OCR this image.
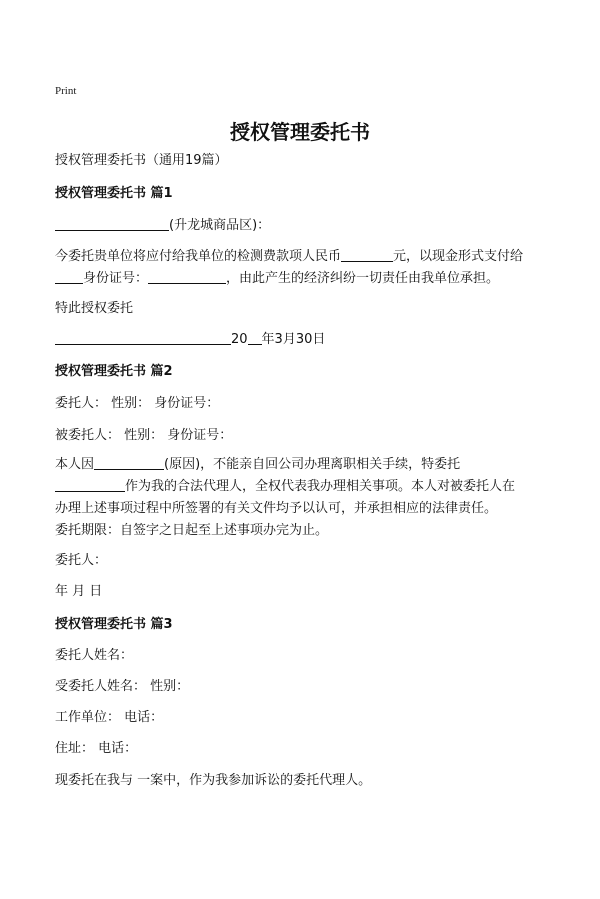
Print
授权管理委托书
授权管理委托书（通用19篇）
授权管理委托书 篇1
(升龙城商品区)：
今委托贵单位将应付给我单位的检测费款项人民币	元，以现金形式支付给
身份证号：	，由此产生的经济纠纷一切责任由我单位承担。
特此授权委托
20 年3月30日
授权管理委托书 篇2
委托人： 性别： 身份证号：
被委托人： 性别： 身份证号：
本人因	(原因)，不能亲自回公司办理离职相关手续，特委托
作为我的合法代理人，全权代表我办理相关事项。本人对被委托人在
办理上述事项过程中所签署的有关文件均予以认可，并承担相应的法律责任。
委托期限：自签字之日起至上述事项办完为止。
委托人：
年 月 日
授权管理委托书 篇3
委托人姓名：
受委托人姓名： 性别：
工作单位： 电话：
住址： 电话：
现委托在我与 一案中，作为我参加诉讼的委托代理人。
